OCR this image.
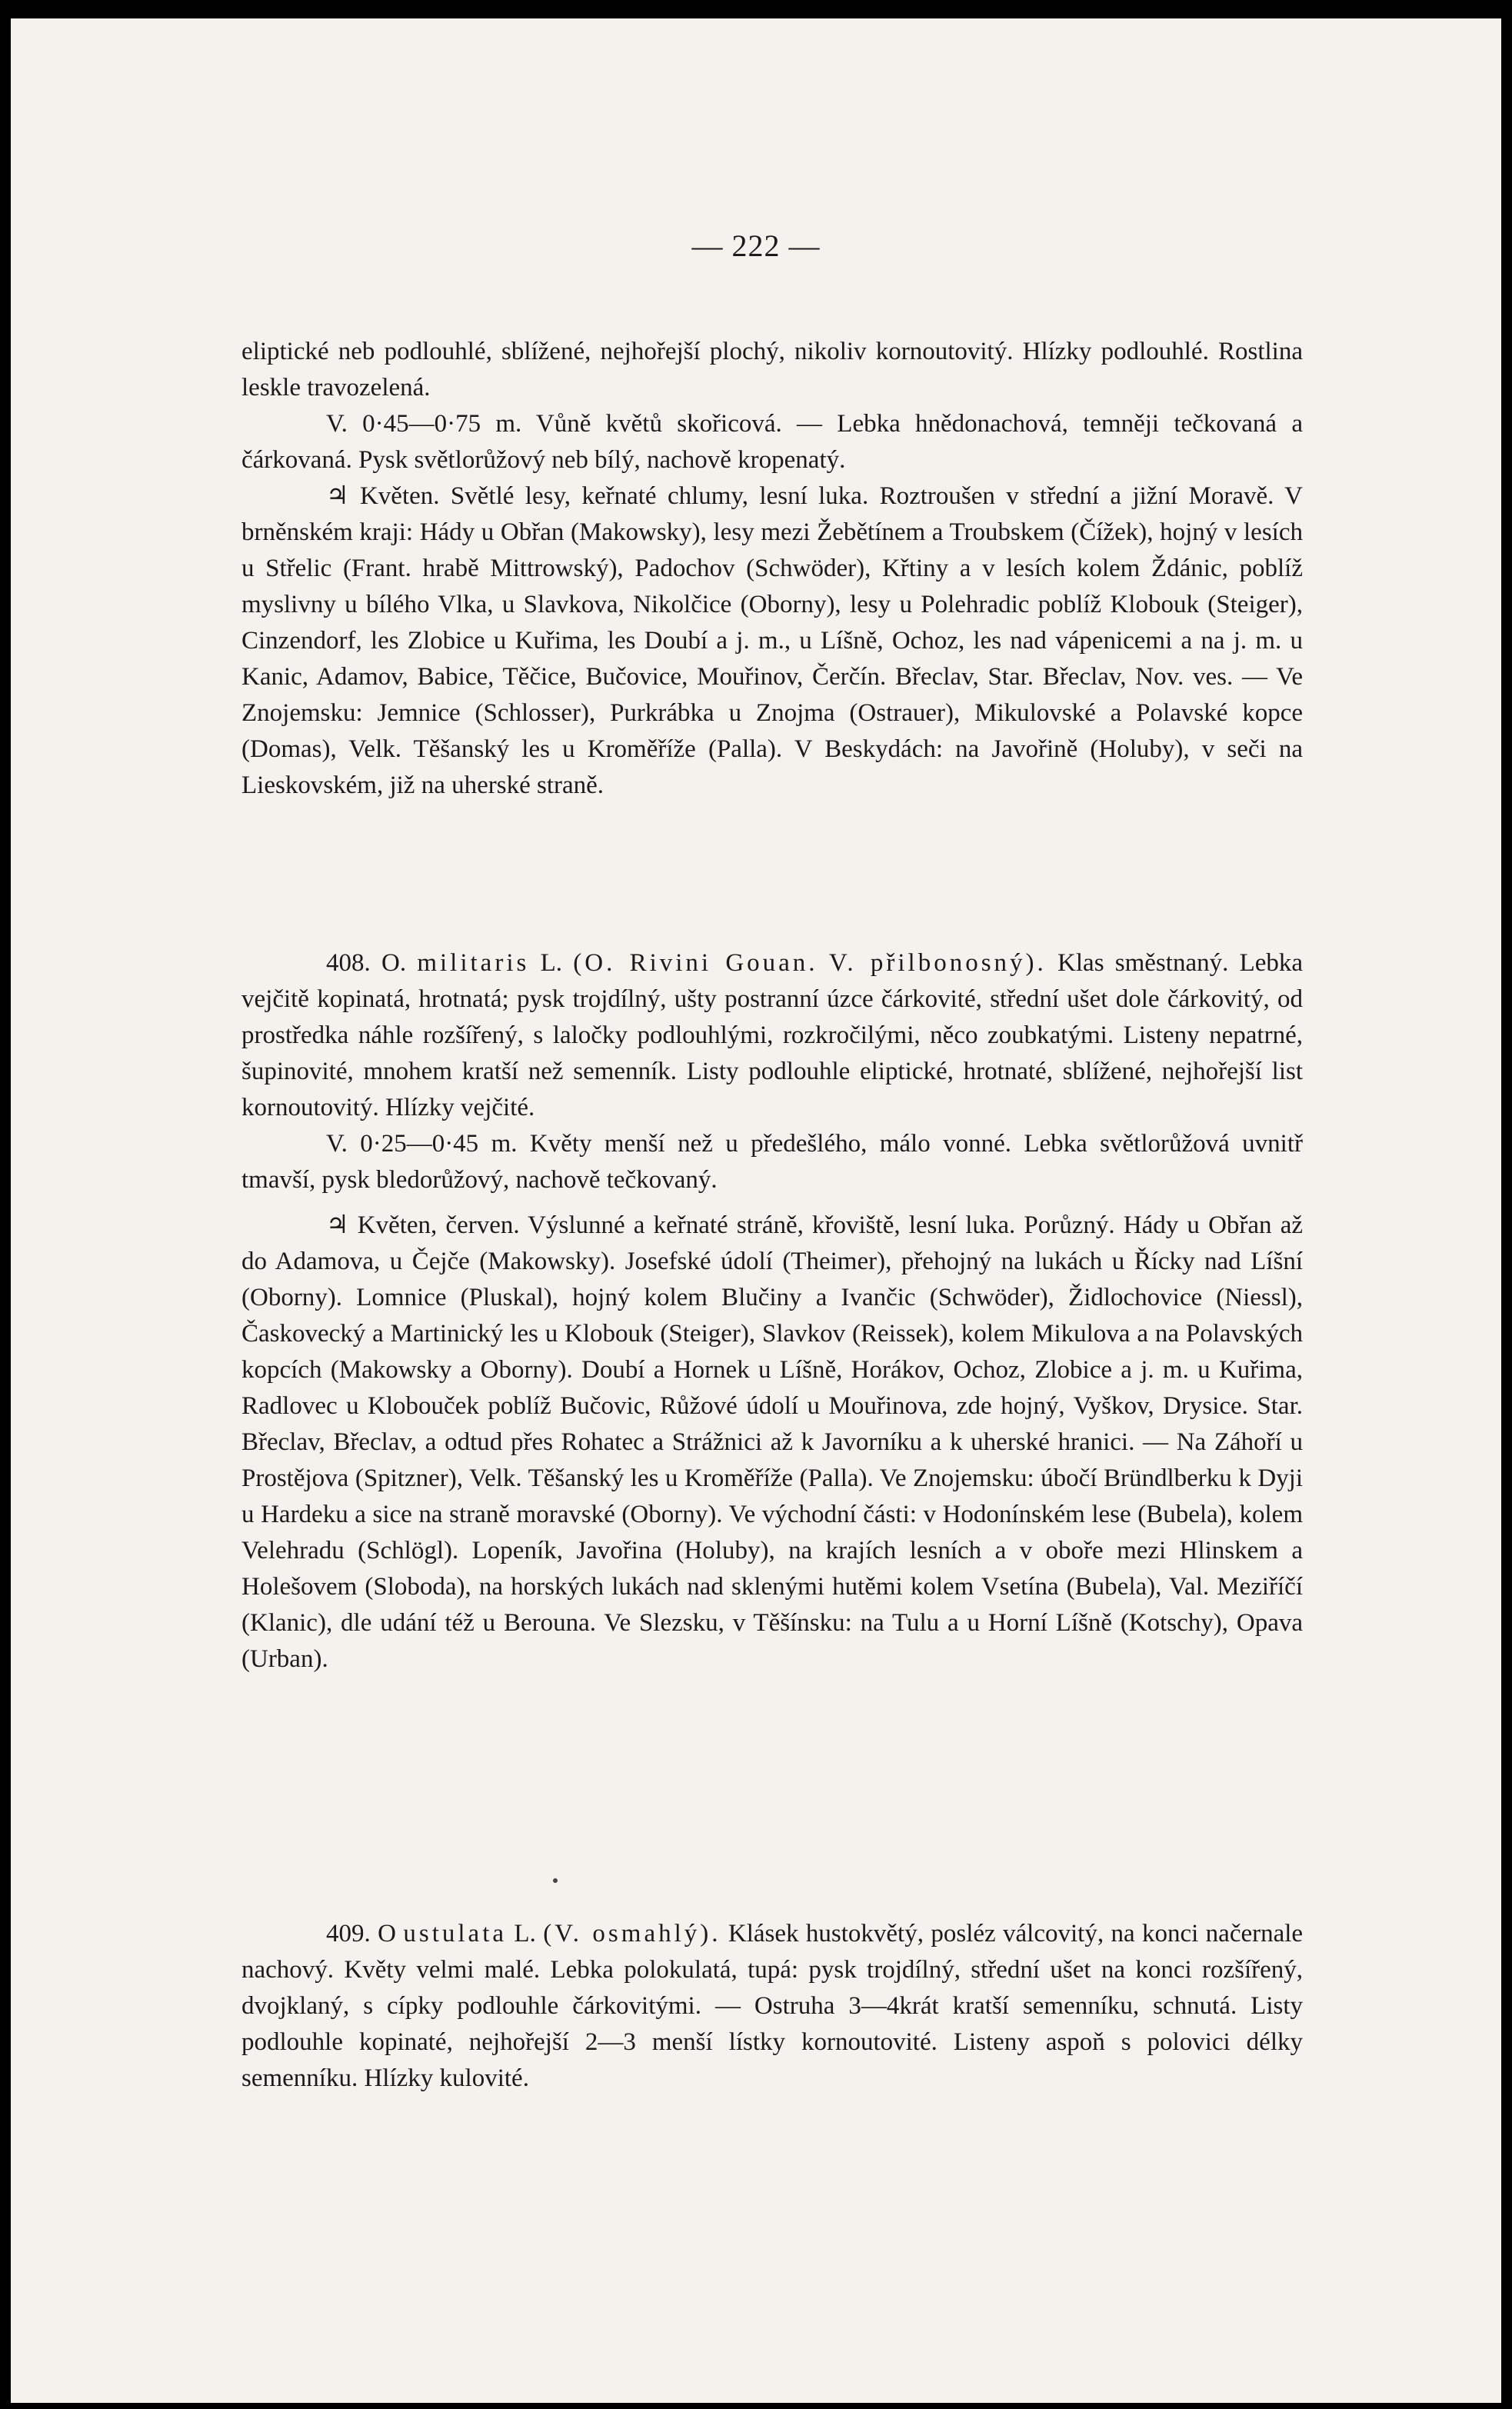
— 222 —

eliptické neb podlouhlé, sblížené, nejhořejší plochý, nikoliv kornoutovitý. Hlízky podlouhlé. Rostlina leskle travozelená.

V. 0·45—0·75 m. Vůně květů skořicová. — Lebka hnědonachová, temněji tečkovaná a čárkovaná. Pysk světlorůžový neb bílý, nachově kropenatý.

♃ Květen. Světlé lesy, keřnaté chlumy, lesní luka. Roztroušen v střední a jižní Moravě. V brněnském kraji: Hády u Obřan (Makowsky), lesy mezi Žebětínem a Troubskem (Čížek), hojný v lesích u Střelic (Frant. hrabě Mittrowský), Padochov (Schwöder), Křtiny a v lesích kolem Ždánic, poblíž myslivny u bílého Vlka, u Slavkova, Nikolčice (Oborny), lesy u Polehradic poblíž Klobouk (Steiger), Cinzendorf, les Zlobice u Kuřima, les Doubí a j. m., u Líšně, Ochoz, les nad vápenicemi a na j. m. u Kanic, Adamov, Babice, Těčice, Bučovice, Mouřinov, Čerčín. Břeclav, Star. Břeclav, Nov. ves. — Ve Znojemsku: Jemnice (Schlosser), Purkrábka u Znojma (Ostrauer), Mikulovské a Polavské kopce (Domas), Velk. Těšanský les u Kroměříže (Palla). V Beskydách: na Javořině (Holuby), v seči na Lieskovském, již na uherské straně.

408. O. militaris L. (O. Rivini Gouan. V. přilbonosný). Klas směstnaný. Lebka vejčitě kopinatá, hrotnatá; pysk trojdílný, ušty postranní úzce čárkovité, střední ušet dole čárkovitý, od prostředka náhle rozšířený, s laločky podlouhlými, rozkročilými, něco zoubkatými. Listeny nepatrné, šupinovité, mnohem kratší než semenník. Listy podlouhle eliptické, hrotnaté, sblížené, nejhořejší list kornoutovitý. Hlízky vejčité.

V. 0·25—0·45 m. Květy menší než u předešlého, málo vonné. Lebka světlorůžová uvnitř tmavší, pysk bledorůžový, nachově tečkovaný.

♃ Květen, červen. Výslunné a keřnaté stráně, křoviště, lesní luka. Porůzný. Hády u Obřan až do Adamova, u Čejče (Makowsky). Josefské údolí (Theimer), přehojný na lukách u Řícky nad Líšní (Oborny). Lomnice (Pluskal), hojný kolem Blučiny a Ivančic (Schwöder), Židlochovice (Niessl), Časkovecký a Martinický les u Klobouk (Steiger), Slavkov (Reissek), kolem Mikulova a na Polavských kopcích (Makowsky a Oborny). Doubí a Hornek u Líšně, Horákov, Ochoz, Zlobice a j. m. u Kuřima, Radlovec u Klobouček poblíž Bučovic, Růžové údolí u Mouřinova, zde hojný, Vyškov, Drysice. Star. Břeclav, Břeclav, a odtud přes Rohatec a Strážnici až k Javorníku a k uherské hranici. — Na Záhoří u Prostějova (Spitzner), Velk. Těšanský les u Kroměříže (Palla). Ve Znojemsku: úbočí Bründlberku k Dyji u Hardeku a sice na straně moravské (Oborny). Ve východní části: v Hodonínském lese (Bubela), kolem Velehradu (Schlögl). Lopeník, Javořina (Holuby), na krajích lesních a v oboře mezi Hlinskem a Holešovem (Sloboda), na horských lukách nad sklenými hutěmi kolem Vsetína (Bubela), Val. Meziříčí (Klanic), dle udání též u Berouna. Ve Slezsku, v Těšínsku: na Tulu a u Horní Líšně (Kotschy), Opava (Urban).

409. O ustulata L. (V. osmahlý). Klásek hustokvětý, posléz válcovitý, na konci načernale nachový. Květy velmi malé. Lebka polokulatá, tupá: pysk trojdílný, střední ušet na konci rozšířený, dvojklaný, s cípky podlouhle čárkovitými. — Ostruha 3—4krát kratší semenníku, schnutá. Listy podlouhle kopinaté, nejhořejší 2—3 menší lístky kornoutovité. Listeny aspoň s polovici délky semenníku. Hlízky kulovité.
